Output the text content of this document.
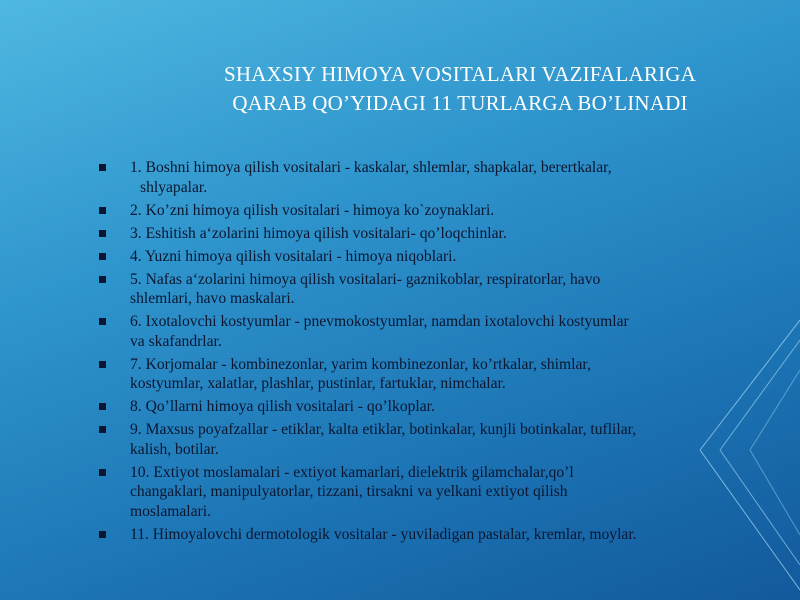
SHAXSIY HIMOYA VOSITALARI VAZIFALARIGA
QARAB QO’YIDAGI 11 TURLARGA BO’LINADI
1. Boshni himoya qilish vositalari - kaskalar, shlemlar, shapkalar, berertkalar,
shlyapalar.
2. Ko’zni himoya qilish vositalari - himoya ko`zoynaklari.
3. Eshitish a‘zolarini himoya qilish vositalari- qo’loqchinlar.
4. Yuzni himoya qilish vositalari - himoya niqoblari.
5. Nafas a‘zolarini himoya qilish vositalari- gaznikoblar, respiratorlar, havo
shlemlari, havo maskalari.
6. Ixotalovchi kostyumlar - pnevmokostyumlar, namdan ixotalovchi kostyumlar
va skafandrlar.
7. Korjomalar - kombinezonlar, yarim kombinezonlar, ko’rtkalar, shimlar,
kostyumlar, xalatlar, plashlar, pustinlar, fartuklar, nimchalar.
8. Qo’llarni himoya qilish vositalari - qo’lkoplar.
9. Maxsus poyafzallar - etiklar, kalta etiklar, botinkalar, kunjli botinkalar, tuflilar,
kalish, botilar.
10. Extiyot moslamalari - extiyot kamarlari, dielektrik gilamchalar,qo’l
changaklari, manipulyatorlar, tizzani, tirsakni va yelkani extiyot qilish
moslamalari.
11. Himoyalovchi dermotologik vositalar - yuviladigan pastalar, kremlar, moylar.
